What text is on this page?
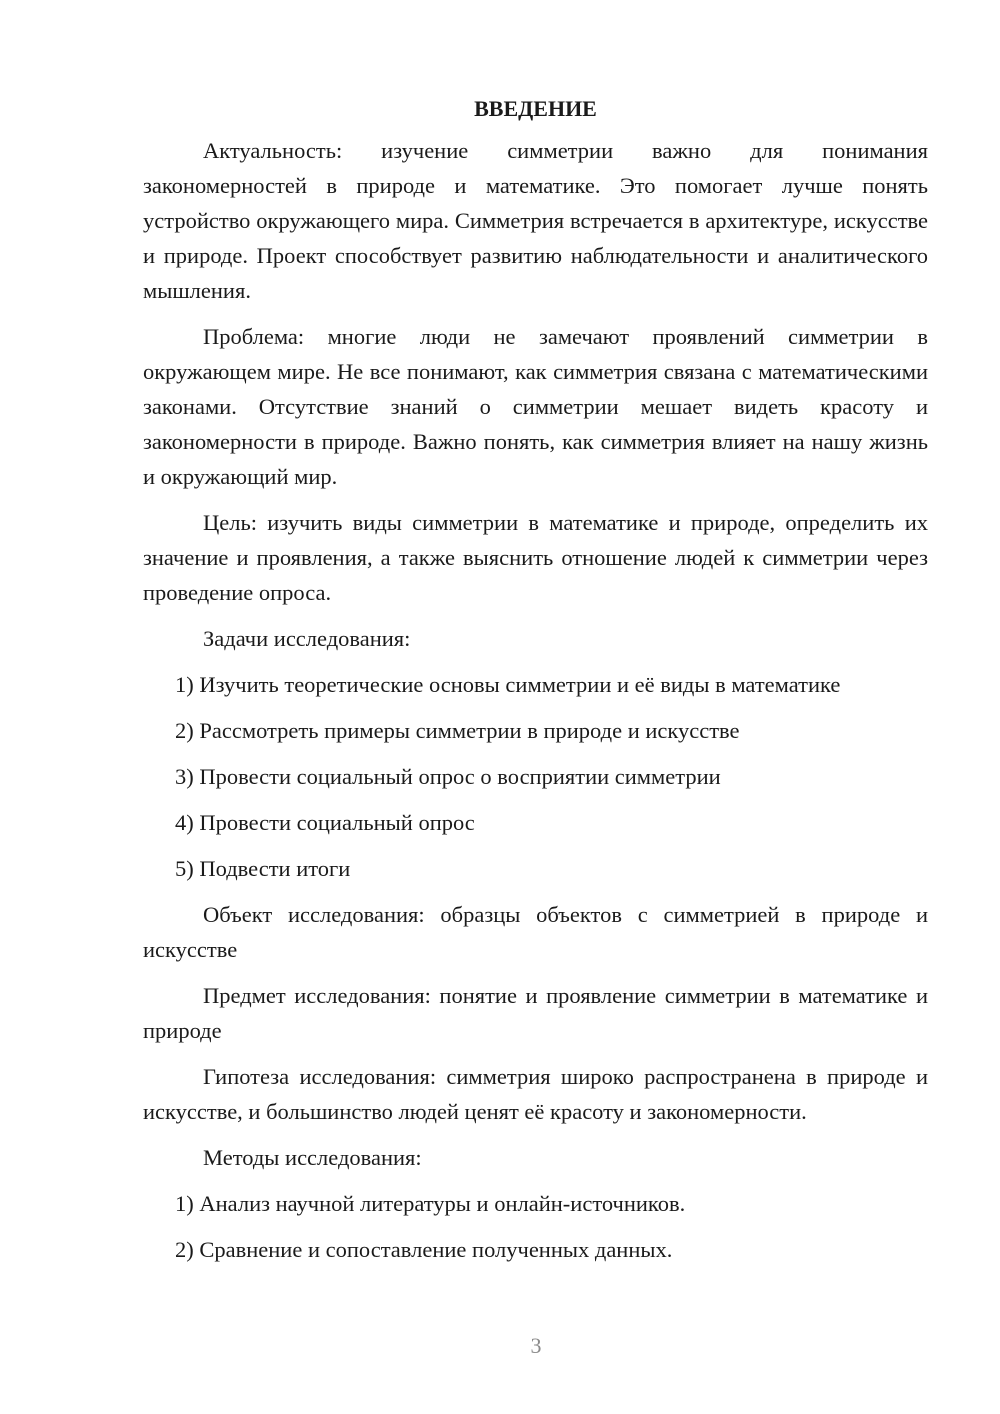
ВВЕДЕНИЕ

Актуальность: изучение симметрии важно для понимания закономерностей в природе и математике. Это помогает лучше понять устройство окружающего мира. Симметрия встречается в архитектуре, искусстве и природе. Проект способствует развитию наблюдательности и аналитического мышления.

Проблема: многие люди не замечают проявлений симметрии в окружающем мире. Не все понимают, как симметрия связана с математическими законами. Отсутствие знаний о симметрии мешает видеть красоту и закономерности в природе. Важно понять, как симметрия влияет на нашу жизнь и окружающий мир.

Цель: изучить виды симметрии в математике и природе, определить их значение и проявления, а также выяснить отношение людей к симметрии через проведение опроса.

Задачи исследования:

1) Изучить теоретические основы симметрии и её виды в математике

2) Рассмотреть примеры симметрии в природе и искусстве

3) Провести социальный опрос о восприятии симметрии

4) Провести социальный опрос

5) Подвести итоги

Объект исследования: образцы объектов с симметрией в природе и искусстве

Предмет исследования: понятие и проявление симметрии в математике и природе

Гипотеза исследования: симметрия широко распространена в природе и искусстве, и большинство людей ценят её красоту и закономерности.

Методы исследования:

1) Анализ научной литературы и онлайн-источников.

2) Сравнение и сопоставление полученных данных.

3
